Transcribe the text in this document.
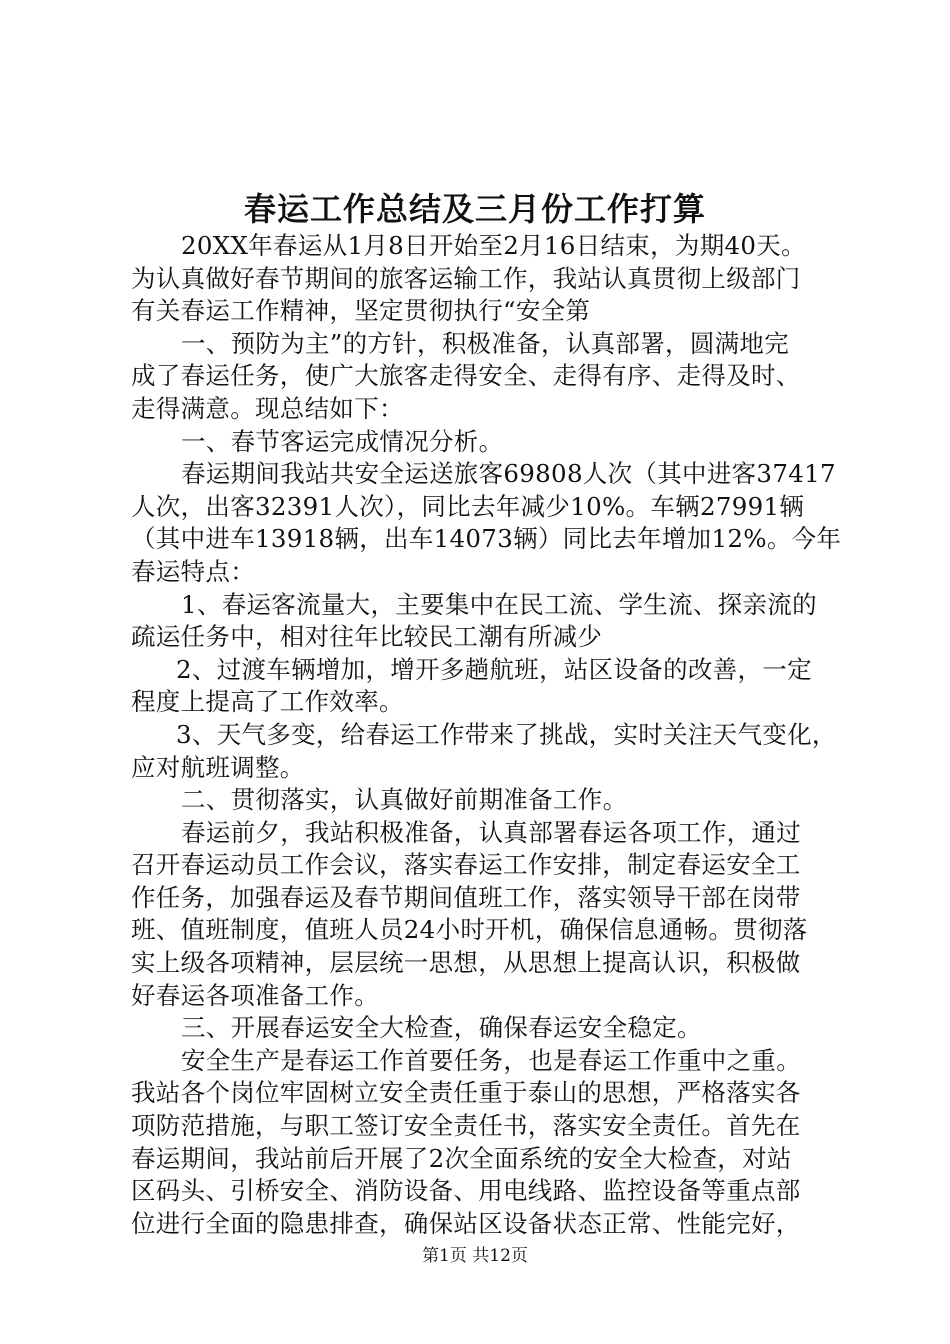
春运工作总结及三月份工作打算
20XX年春运从1月8日开始至2月16日结束，为期40天。
为认真做好春节期间的旅客运输工作，我站认真贯彻上级部门
有关春运工作精神，坚定贯彻执行“安全第
一、预防为主”的方针，积极准备，认真部署，圆满地完
成了春运任务，使广大旅客走得安全、走得有序、走得及时、
走得满意。现总结如下：
一、春节客运完成情况分析。
春运期间我站共安全运送旅客69808人次（其中进客37417
人次，出客32391人次），同比去年减少10%。车辆27991辆
（其中进车13918辆，出车14073辆）同比去年增加12%。今年
春运特点：
1、春运客流量大，主要集中在民工流、学生流、探亲流的
疏运任务中，相对往年比较民工潮有所减少
2、过渡车辆增加，增开多趟航班，站区设备的改善，一定
程度上提高了工作效率。
3、天气多变，给春运工作带来了挑战，实时关注天气变化，
应对航班调整。
二、贯彻落实，认真做好前期准备工作。
春运前夕，我站积极准备，认真部署春运各项工作，通过
召开春运动员工作会议，落实春运工作安排，制定春运安全工
作任务，加强春运及春节期间值班工作，落实领导干部在岗带
班、值班制度，值班人员24小时开机，确保信息通畅。贯彻落
实上级各项精神，层层统一思想，从思想上提高认识，积极做
好春运各项准备工作。
三、开展春运安全大检查，确保春运安全稳定。
安全生产是春运工作首要任务，也是春运工作重中之重。
我站各个岗位牢固树立安全责任重于泰山的思想，严格落实各
项防范措施，与职工签订安全责任书，落实安全责任。首先在
春运期间，我站前后开展了2次全面系统的安全大检查，对站
区码头、引桥安全、消防设备、用电线路、监控设备等重点部
位进行全面的隐患排查，确保站区设备状态正常、性能完好，
第1页 共12页
